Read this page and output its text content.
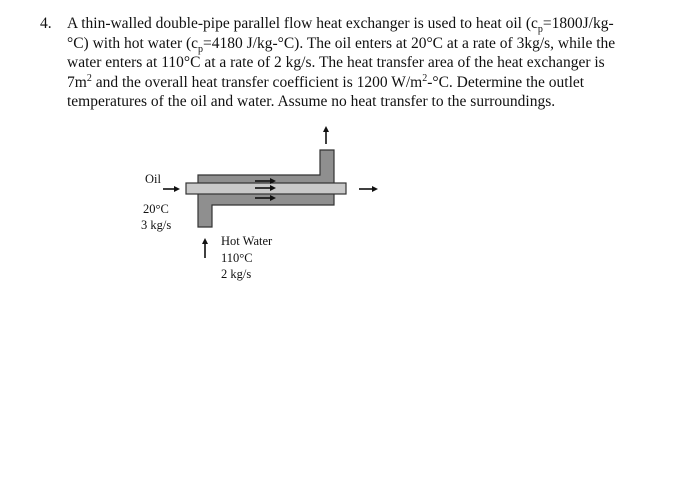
4. A thin-walled double-pipe parallel flow heat exchanger is used to heat oil ($c_p=1800J/kg-$
°C) with hot water ($c_p=4180$ J/kg-°C). The oil enters at 20°C at a rate of 3kg/s, while the
water enters at 110°C at a rate of 2 kg/s. The heat transfer area of the heat exchanger is
$7m^2$ and the overall heat transfer coefficient is 1200 $W/m^2-^\circ C$. Determine the outlet
temperatures of the oil and water. Assume no heat transfer to the surroundings.
Oil
20°C
3 kg/s
Hot Water
110°C
2 kg/s
